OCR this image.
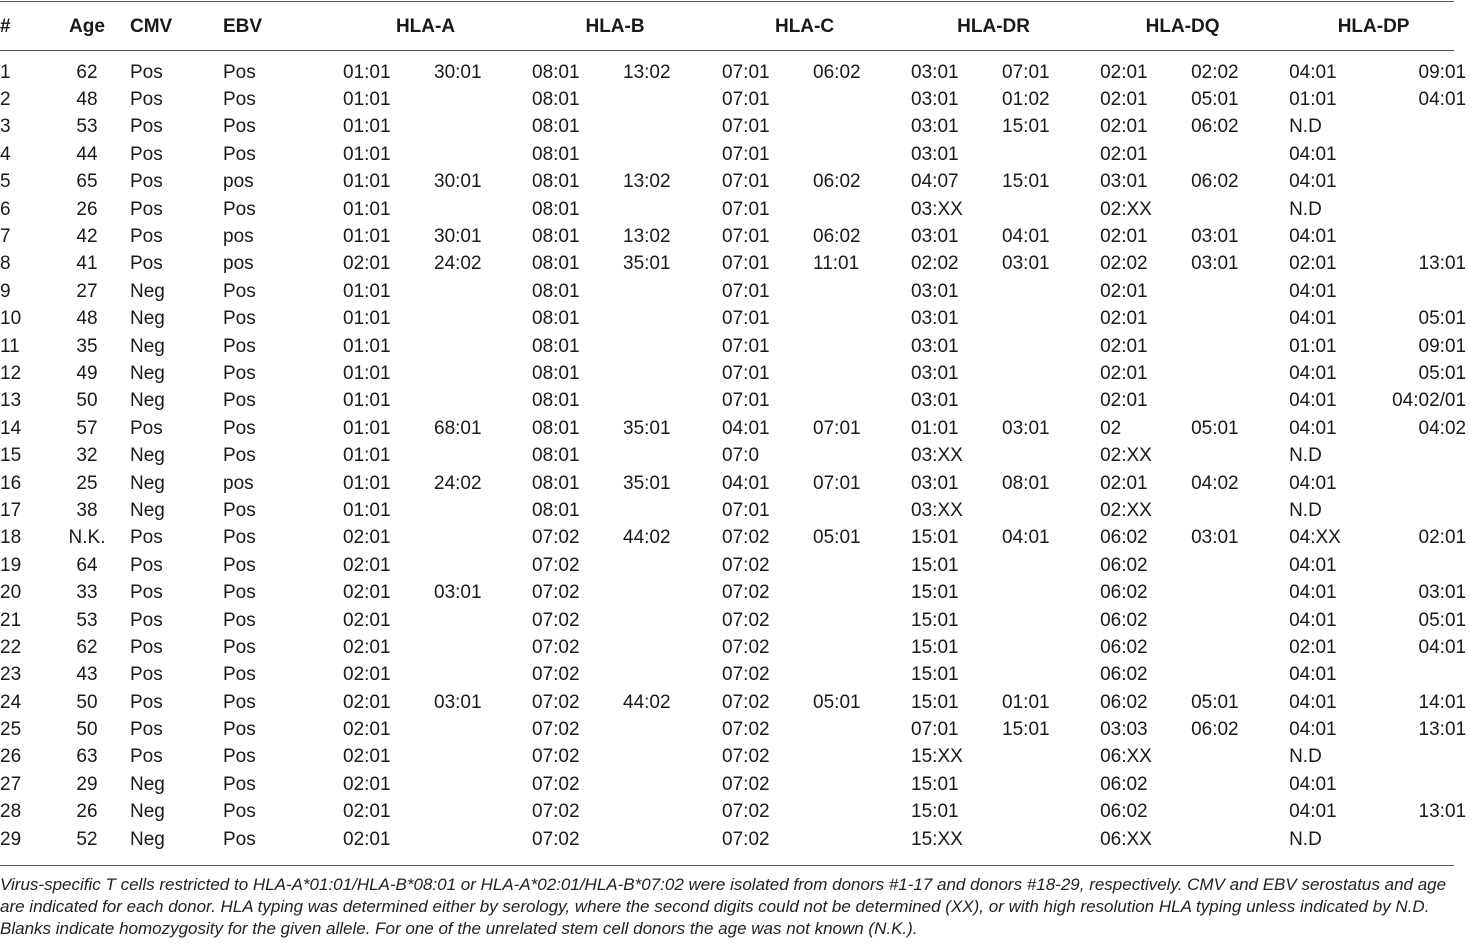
#	Age	CMV	EBV	HLA-A		HLA-B		HLA-C		HLA-DR		HLA-DQ		HLA-DP	
1	62	Pos	Pos	01:01	30:01	08:01	13:02	07:01	06:02	03:01	07:01	02:01	02:02	04:01	09:01
2	48	Pos	Pos	01:01		08:01		07:01		03:01	01:02	02:01	05:01	01:01	04:01
3	53	Pos	Pos	01:01		08:01		07:01		03:01	15:01	02:01	06:02	N.D	
4	44	Pos	Pos	01:01		08:01		07:01		03:01		02:01		04:01	
5	65	Pos	pos	01:01	30:01	08:01	13:02	07:01	06:02	04:07	15:01	03:01	06:02	04:01	
6	26	Pos	Pos	01:01		08:01		07:01		03:XX		02:XX		N.D	
7	42	Pos	pos	01:01	30:01	08:01	13:02	07:01	06:02	03:01	04:01	02:01	03:01	04:01	
8	41	Pos	pos	02:01	24:02	08:01	35:01	07:01	11:01	02:02	03:01	02:02	03:01	02:01	13:01
9	27	Neg	Pos	01:01		08:01		07:01		03:01		02:01		04:01	
10	48	Neg	Pos	01:01		08:01		07:01		03:01		02:01		04:01	05:01
11	35	Neg	Pos	01:01		08:01		07:01		03:01		02:01		01:01	09:01
12	49	Neg	Pos	01:01		08:01		07:01		03:01		02:01		04:01	05:01
13	50	Neg	Pos	01:01		08:01		07:01		03:01		02:01		04:01	04:02/01
14	57	Pos	Pos	01:01	68:01	08:01	35:01	04:01	07:01	01:01	03:01	02	05:01	04:01	04:02
15	32	Neg	Pos	01:01		08:01		07:0		03:XX		02:XX		N.D	
16	25	Neg	pos	01:01	24:02	08:01	35:01	04:01	07:01	03:01	08:01	02:01	04:02	04:01	
17	38	Neg	Pos	01:01		08:01		07:01		03:XX		02:XX		N.D	
18	N.K.	Pos	Pos	02:01		07:02	44:02	07:02	05:01	15:01	04:01	06:02	03:01	04:XX	02:01
19	64	Pos	Pos	02:01		07:02		07:02		15:01		06:02		04:01	
20	33	Pos	Pos	02:01	03:01	07:02		07:02		15:01		06:02		04:01	03:01
21	53	Pos	Pos	02:01		07:02		07:02		15:01		06:02		04:01	05:01
22	62	Pos	Pos	02:01		07:02		07:02		15:01		06:02		02:01	04:01
23	43	Pos	Pos	02:01		07:02		07:02		15:01		06:02		04:01	
24	50	Pos	Pos	02:01	03:01	07:02	44:02	07:02	05:01	15:01	01:01	06:02	05:01	04:01	14:01
25	50	Pos	Pos	02:01		07:02		07:02		07:01	15:01	03:03	06:02	04:01	13:01
26	63	Pos	Pos	02:01		07:02		07:02		15:XX		06:XX		N.D	
27	29	Neg	Pos	02:01		07:02		07:02		15:01		06:02		04:01	
28	26	Neg	Pos	02:01		07:02		07:02		15:01		06:02		04:01	13:01
29	52	Neg	Pos	02:01		07:02		07:02		15:XX		06:XX		N.D	
Virus-specific T cells restricted to HLA-A*01:01/HLA-B*08:01 or HLA-A*02:01/HLA-B*07:02 were isolated from donors #1-17 and donors #18-29, respectively. CMV and EBV serostatus and age are indicated for each donor. HLA typing was determined either by serology, where the second digits could not be determined (XX), or with high resolution HLA typing unless indicated by N.D. Blanks indicate homozygosity for the given allele. For one of the unrelated stem cell donors the age was not known (N.K.).
